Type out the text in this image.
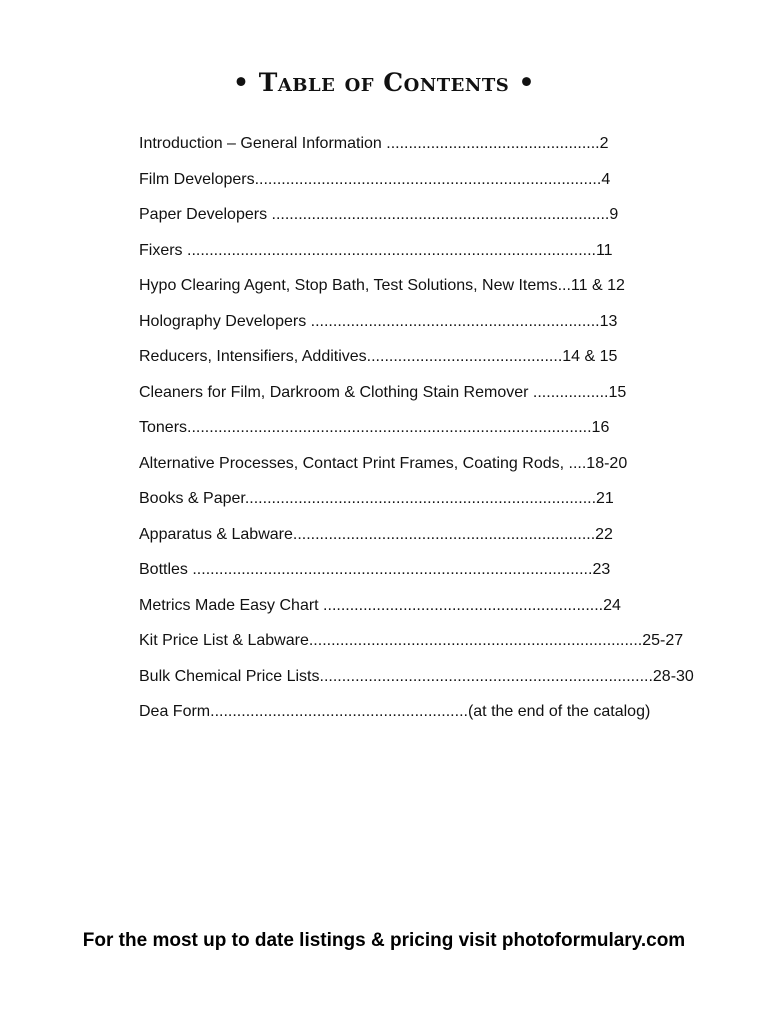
• Table of Contents •
Introduction – General Information ................................................2
Film Developers..............................................................................4
Paper Developers ............................................................................9
Fixers ............................................................................................11
Hypo Clearing Agent, Stop Bath, Test Solutions, New Items...11 & 12
Holography Developers .................................................................13
Reducers, Intensifiers, Additives............................................14 & 15
Cleaners for Film, Darkroom & Clothing Stain Remover .................15
Toners...........................................................................................16
Alternative Processes, Contact Print Frames, Coating Rods, ....18-20
Books & Paper...............................................................................21
Apparatus & Labware....................................................................22
Bottles ..........................................................................................23
Metrics Made Easy Chart ...............................................................24
Kit Price List & Labware...........................................................................25-27
Bulk Chemical Price Lists...........................................................................28-30
Dea Form..........................................................(at the end of the catalog)
For the most up to date listings & pricing visit photoformulary.com
